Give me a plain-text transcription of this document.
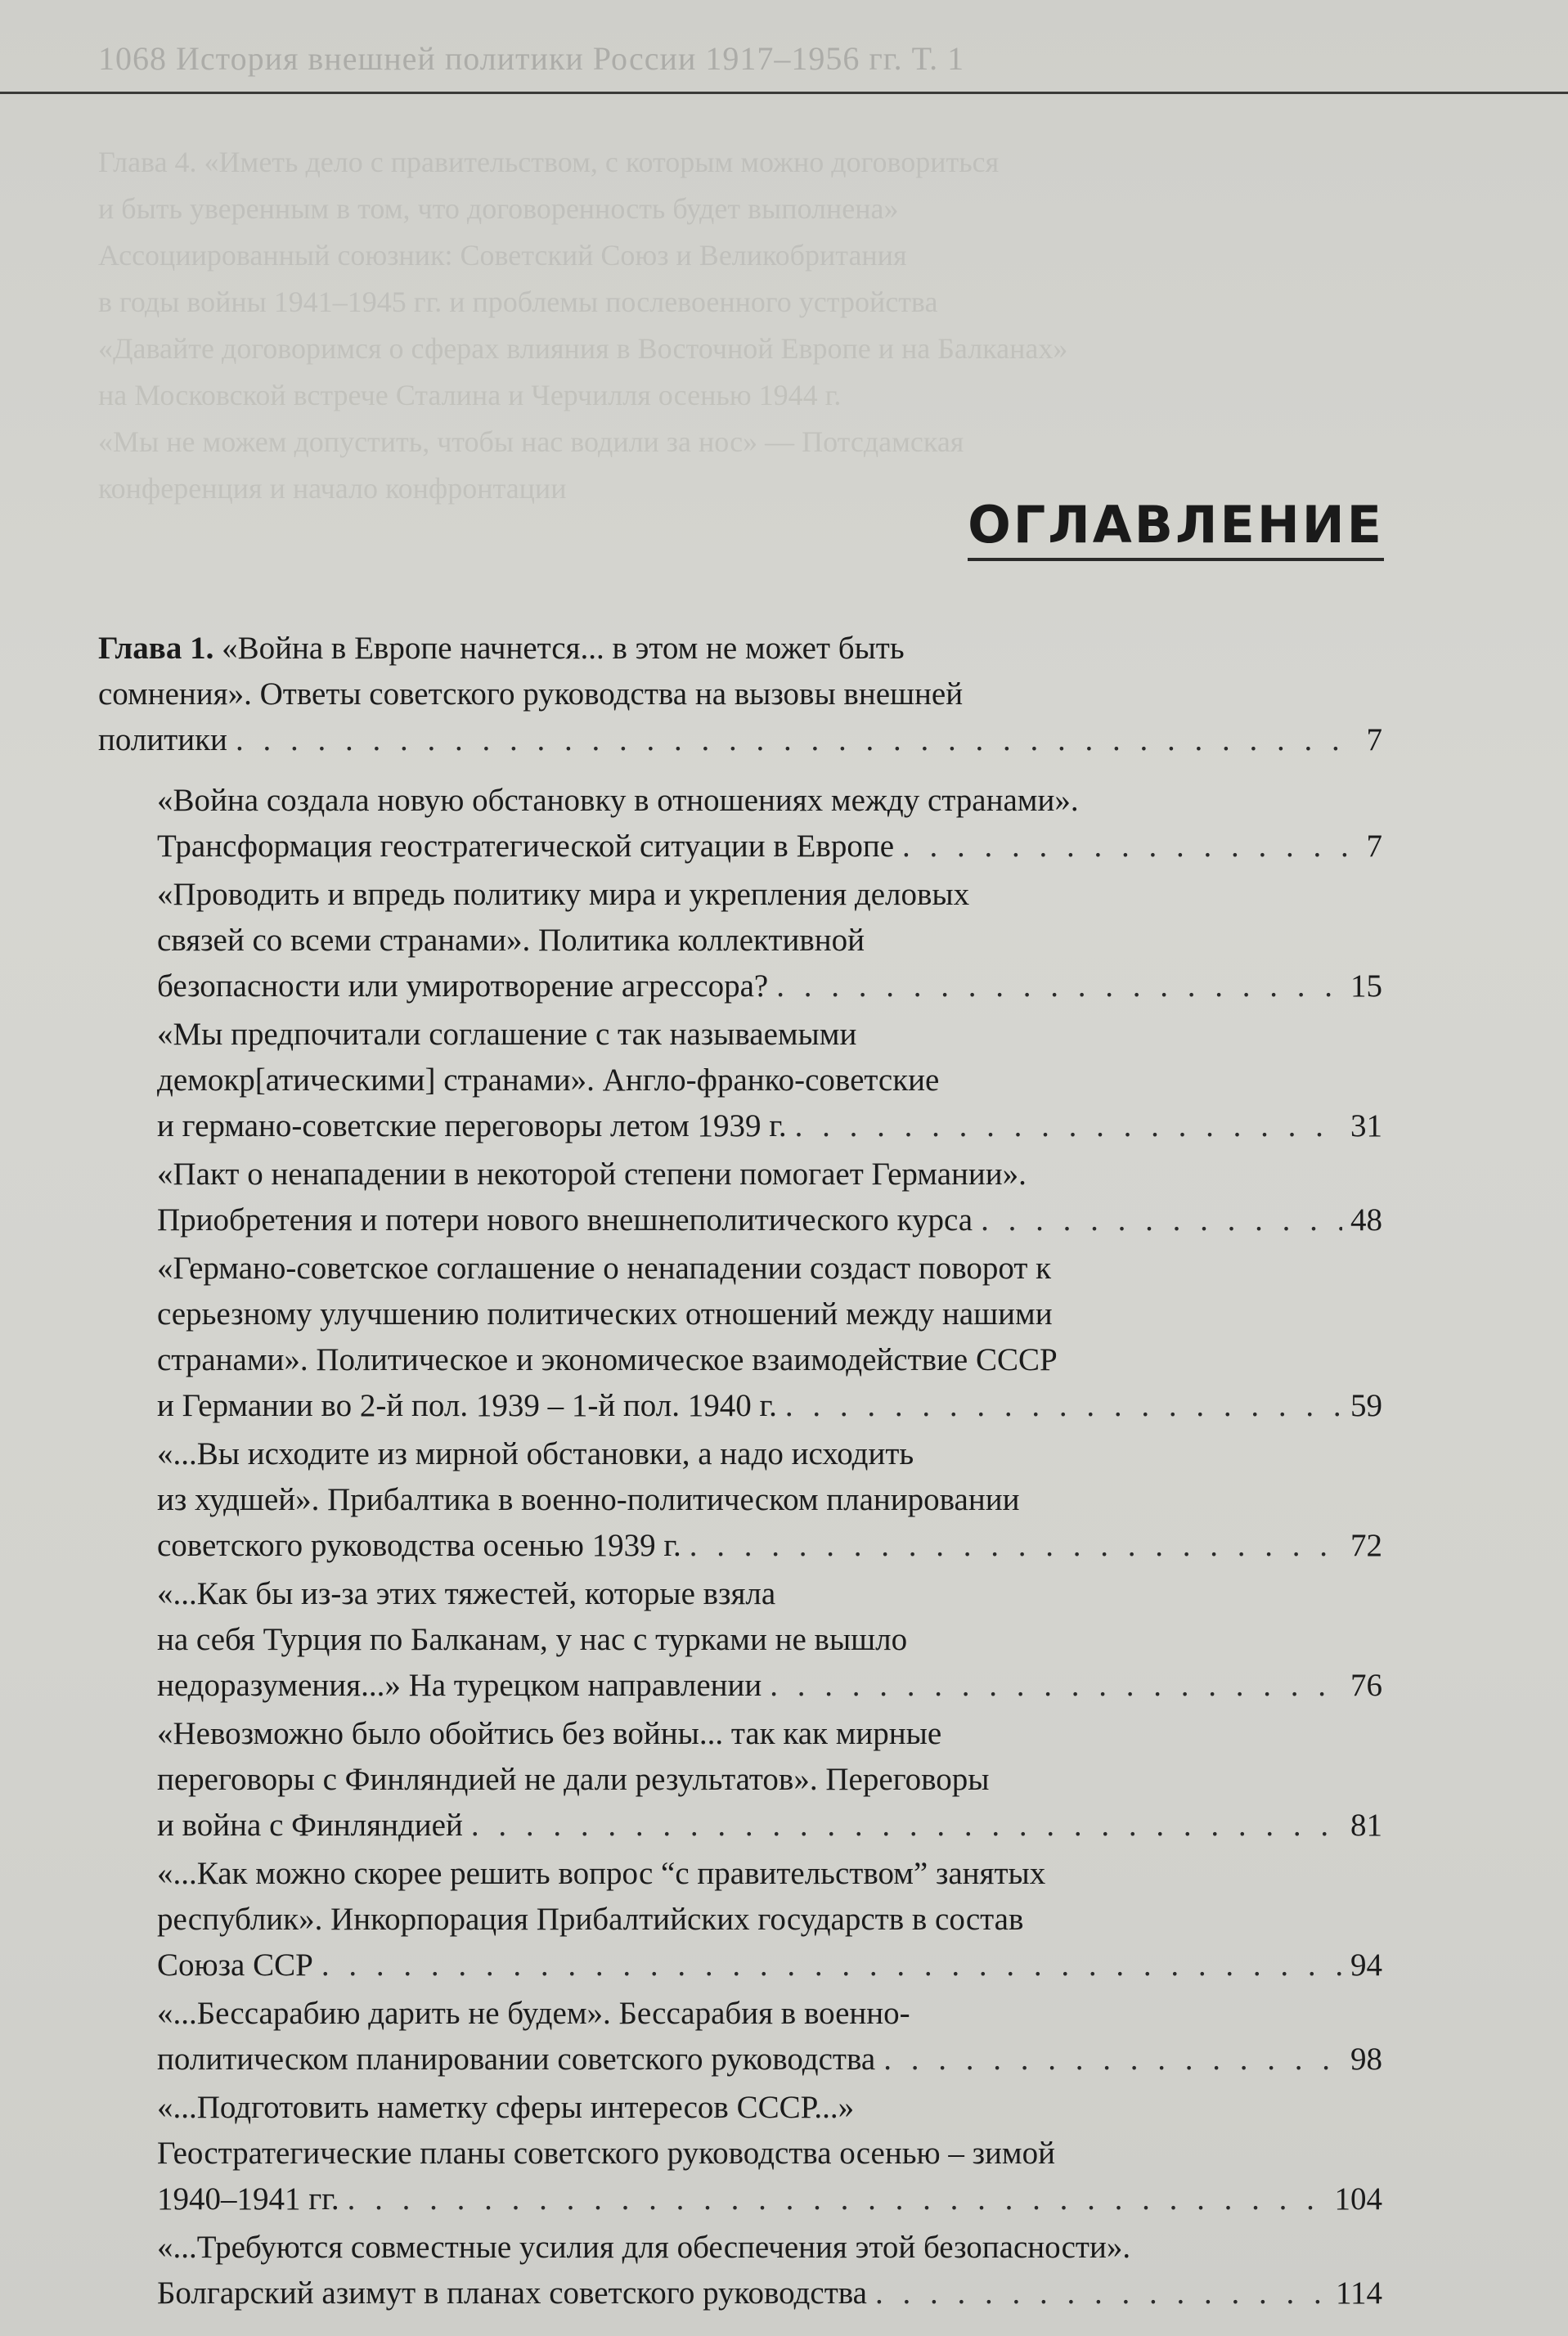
1068 История внешней политики России 1917–1956 гг. Т. 1
Глава 4. «Иметь дело с правительством, с которым можно договориться
и быть уверенным в том, что договоренность будет выполнена»
Ассоциированный союзник: Советский Союз и Великобритания
в годы войны 1941–1945 гг. и проблемы послевоенного устройства
«Давайте договоримся о сферах влияния в Восточной Европе и на Балканах»
на Московской встрече Сталина и Черчилля осенью 1944 г.
«Мы не можем допустить, чтобы нас водили за нос» — Потсдамская
конференция и начало конфронтации
ОГЛАВЛЕНИЕ
Глава 1. «Война в Европе начнется... в этом не может быть
сомнения». Ответы советского руководства на вызовы внешней
политики . . .	7
«Война создала новую обстановку в отношениях между странами».
Трансформация геостратегической ситуации в Европе . . .	7
«Проводить и впредь политику мира и укрепления деловых
связей со всеми странами». Политика коллективной
безопасности или умиротворение агрессора? . . .	15
«Мы предпочитали соглашение с так называемыми
демокр[атическими] странами». Англо-франко-советские
и германо-советские переговоры летом 1939 г. . . .	31
«Пакт о ненападении в некоторой степени помогает Германии».
Приобретения и потери нового внешнеполитического курса . . .	48
«Германо-советское соглашение о ненападении создаст поворот к
серьезному улучшению политических отношений между нашими
странами». Политическое и экономическое взаимодействие СССР
и Германии во 2-й пол. 1939 – 1-й пол. 1940 г. . . .	59
«...Вы исходите из мирной обстановки, а надо исходить
из худшей». Прибалтика в военно-политическом планировании
советского руководства осенью 1939 г. . . .	72
«...Как бы из-за этих тяжестей, которые взяла
на себя Турция по Балканам, у нас с турками не вышло
недоразумения...» На турецком направлении . . .	76
«Невозможно было обойтись без войны... так как мирные
переговоры с Финляндией не дали результатов». Переговоры
и война с Финляндией . . .	81
«...Как можно скорее решить вопрос “с правительством” занятых
республик». Инкорпорация Прибалтийских государств в состав
Союза ССР . . .	94
«...Бессарабию дарить не будем». Бессарабия в военно-
политическом планировании советского руководства . . .	98
«...Подготовить наметку сферы интересов СССР...»
Геостратегические планы советского руководства осенью – зимой
1940–1941 гг. . . .	104
«...Требуются совместные усилия для обеспечения этой безопасности».
Болгарский азимут в планах советского руководства . . .	114
